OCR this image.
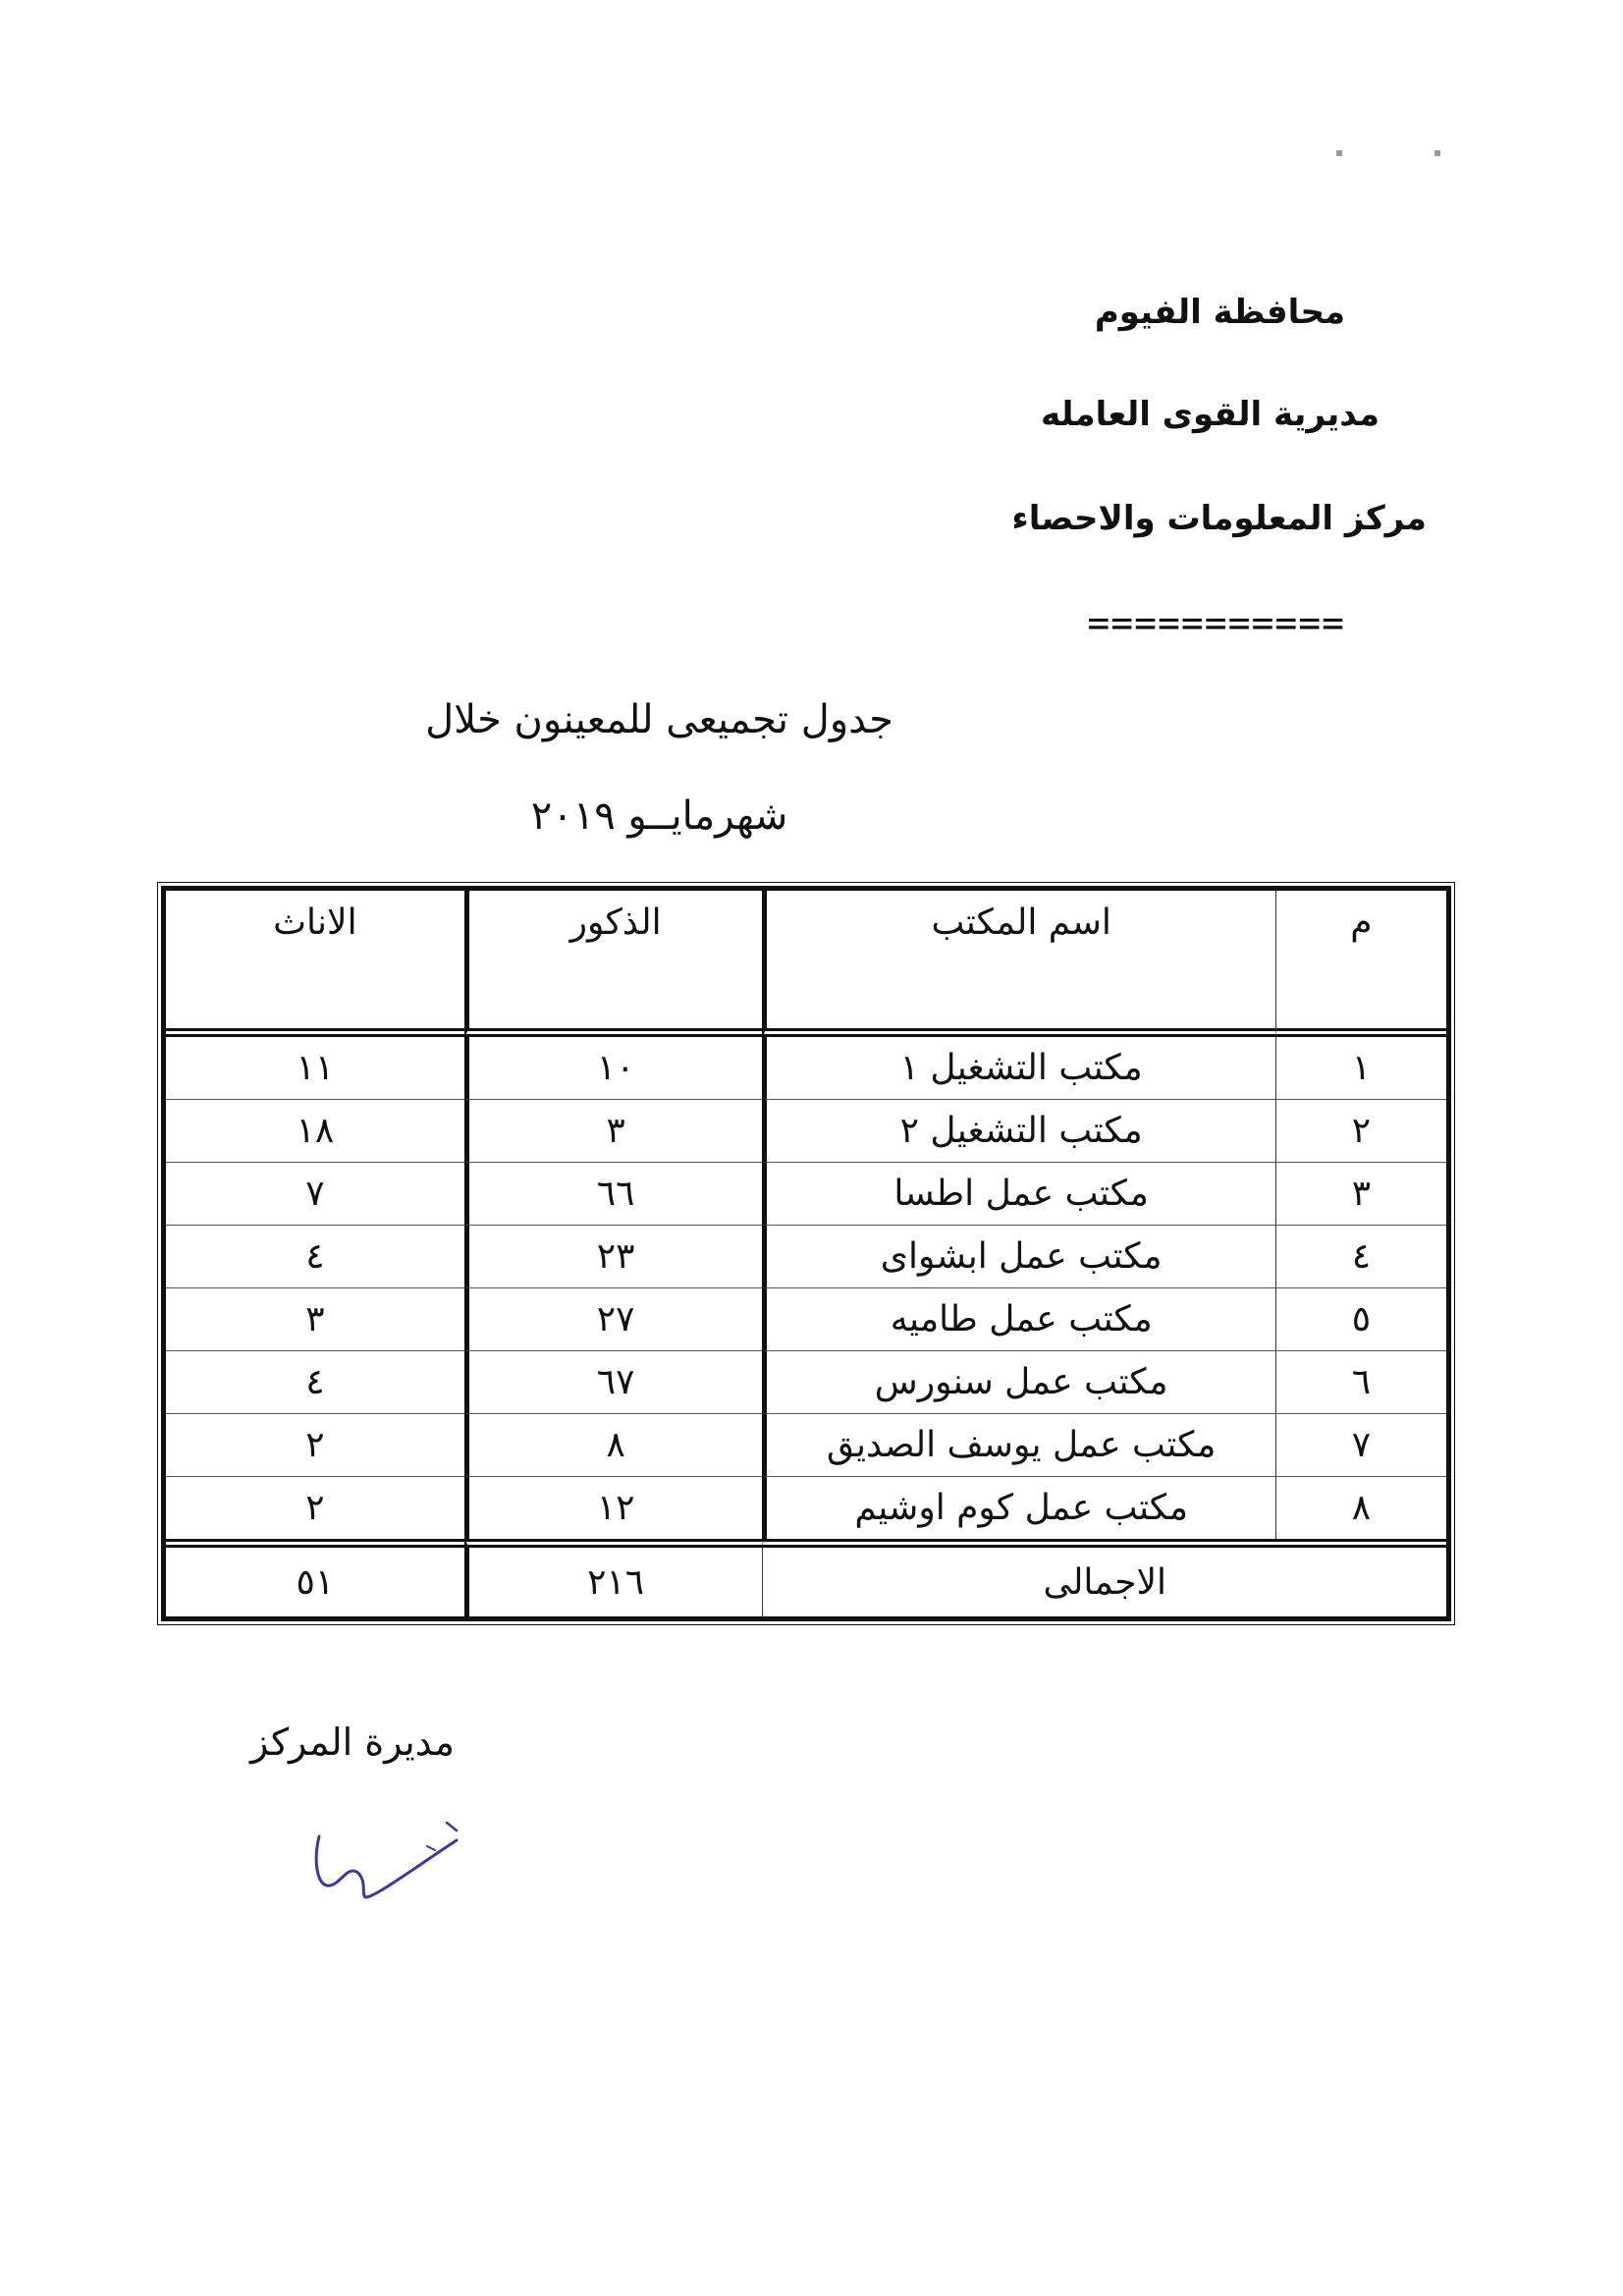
▪	▪
محافظة الفيوم
مديرية القوى العامله
مركز المعلومات والاحصاء
===========
جدول تجميعى للمعينون خلال
شهرمايــو ٢٠١٩
م	اسم المكتب	الذكور	الاناث
١	مكتب التشغيل ١	١٠	١١
٢	مكتب التشغيل ٢	٣	١٨
٣	مكتب عمل اطسا	٦٦	٧
٤	مكتب عمل ابشواى	٢٣	٤
٥	مكتب عمل طاميه	٢٧	٣
٦	مكتب عمل سنورس	٦٧	٤
٧	مكتب عمل يوسف الصديق	٨	٢
٨	مكتب عمل كوم اوشيم	١٢	٢
الاجمالى		٢١٦	٥١
مديرة المركز
